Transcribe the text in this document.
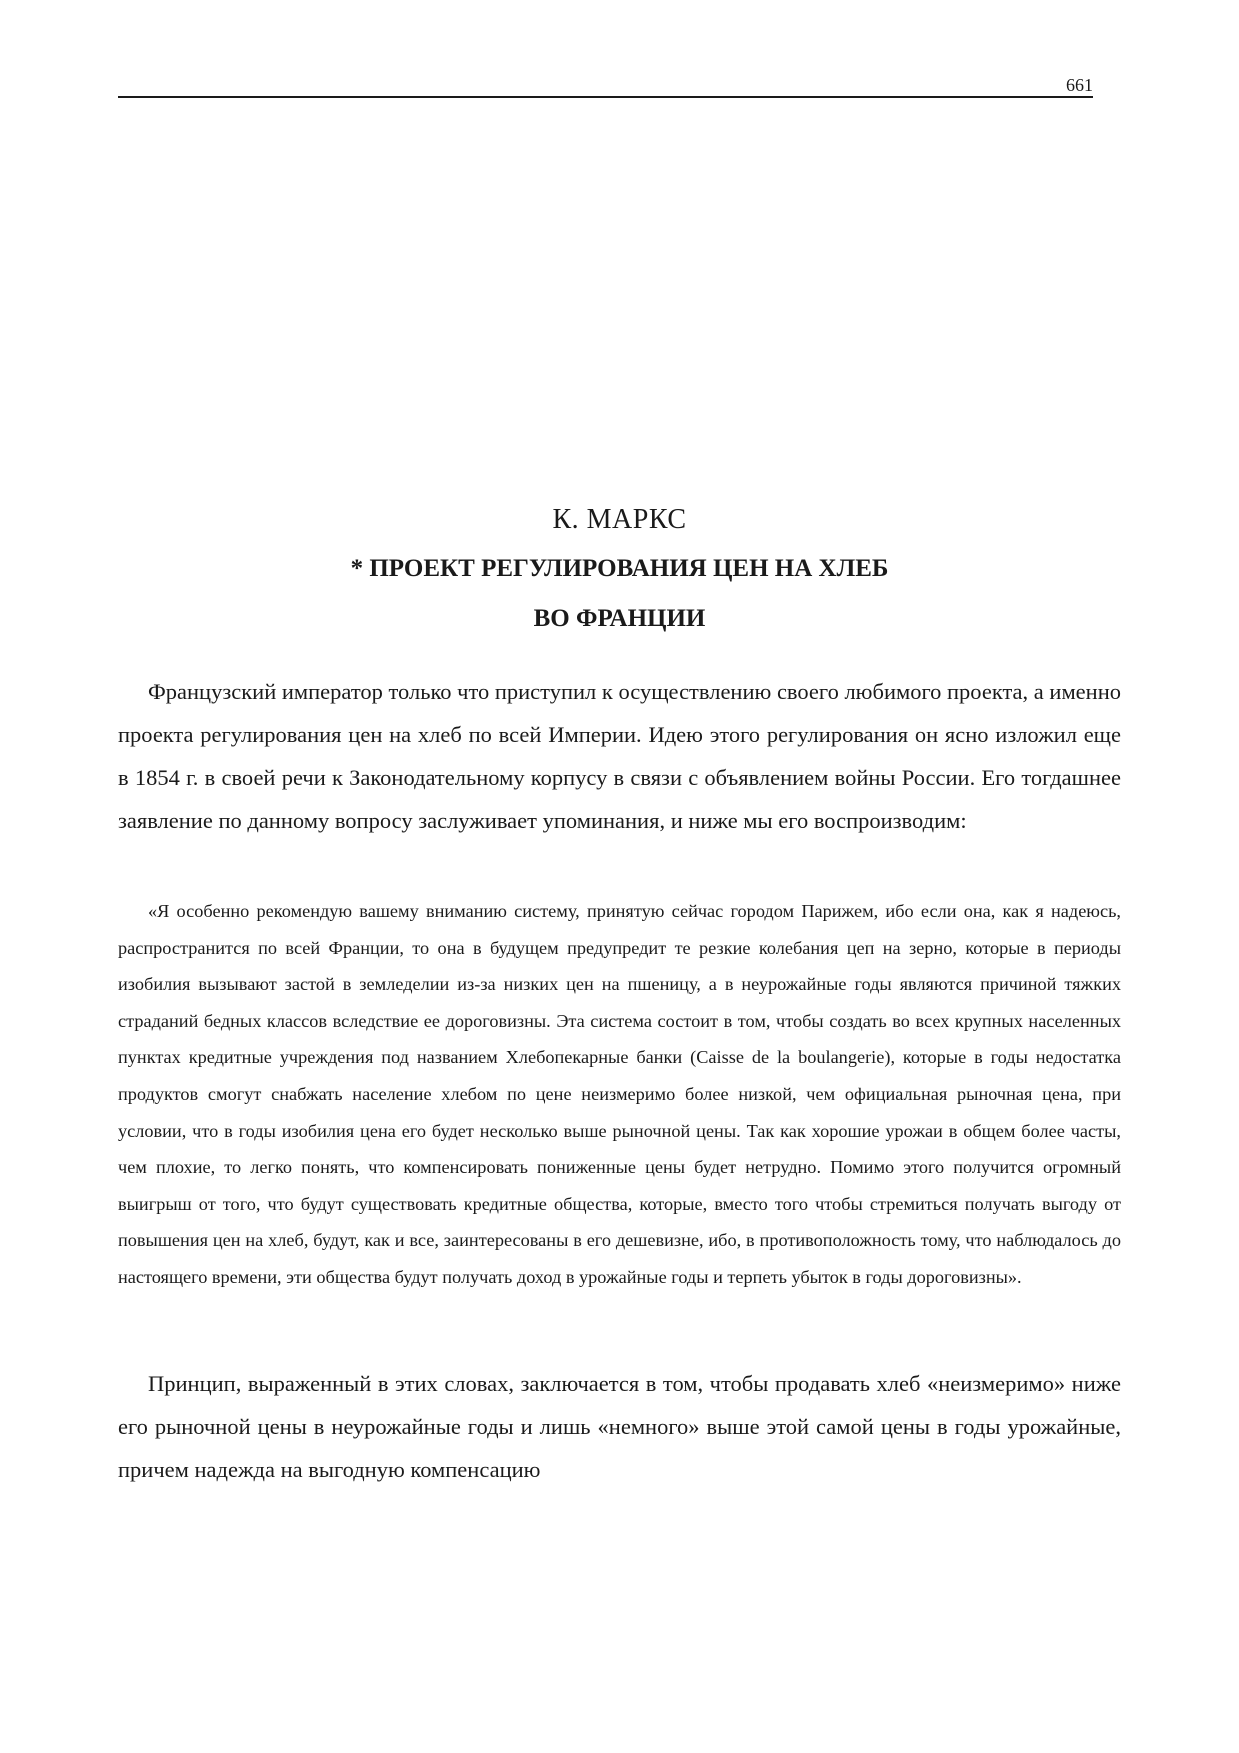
661
К. МАРКС
* ПРОЕКТ РЕГУЛИРОВАНИЯ ЦЕН НА ХЛЕБ
ВО ФРАНЦИИ

Французский император только что приступил к осуществлению своего любимого проекта, а именно проекта регулирования цен на хлеб по всей Империи. Идею этого регулирования он ясно изложил еще в 1854 г. в своей речи к Законодательному корпусу в связи с объявлением войны России. Его тогдашнее заявление по данному вопросу заслуживает упоминания, и ниже мы его воспроизводим:

«Я особенно рекомендую вашему вниманию систему, принятую сейчас городом Парижем, ибо если она, как я надеюсь, распространится по всей Франции, то она в будущем предупредит те резкие колебания цеп на зерно, которые в периоды изобилия вызывают застой в земледелии из-за низких цен на пшеницу, а в неурожайные годы являются причиной тяжких страданий бедных классов вследствие ее дороговизны. Эта система состоит в том, чтобы создать во всех крупных населенных пунктах кредитные учреждения под названием Хлебопекарные банки (Caisse de la boulangerie), которые в годы недостатка продуктов смогут снабжать население хлебом по цене неизмеримо более низкой, чем официальная рыночная цена, при условии, что в годы изобилия цена его будет несколько выше рыночной цены. Так как хорошие урожаи в общем более часты, чем плохие, то легко понять, что компенсировать пониженные цены будет нетрудно. Помимо этого получится огромный выигрыш от того, что будут существовать кредитные общества, которые, вместо того чтобы стремиться получать выгоду от повышения цен на хлеб, будут, как и все, заинтересованы в его дешевизне, ибо, в противоположность тому, что наблюдалось до настоящего времени, эти общества будут получать доход в урожайные годы и терпеть убыток в годы дороговизны».

Принцип, выраженный в этих словах, заключается в том, чтобы продавать хлеб «неизмеримо» ниже его рыночной цены в неурожайные годы и лишь «немного» выше этой самой цены в годы урожайные, причем надежда на выгодную компенсацию
